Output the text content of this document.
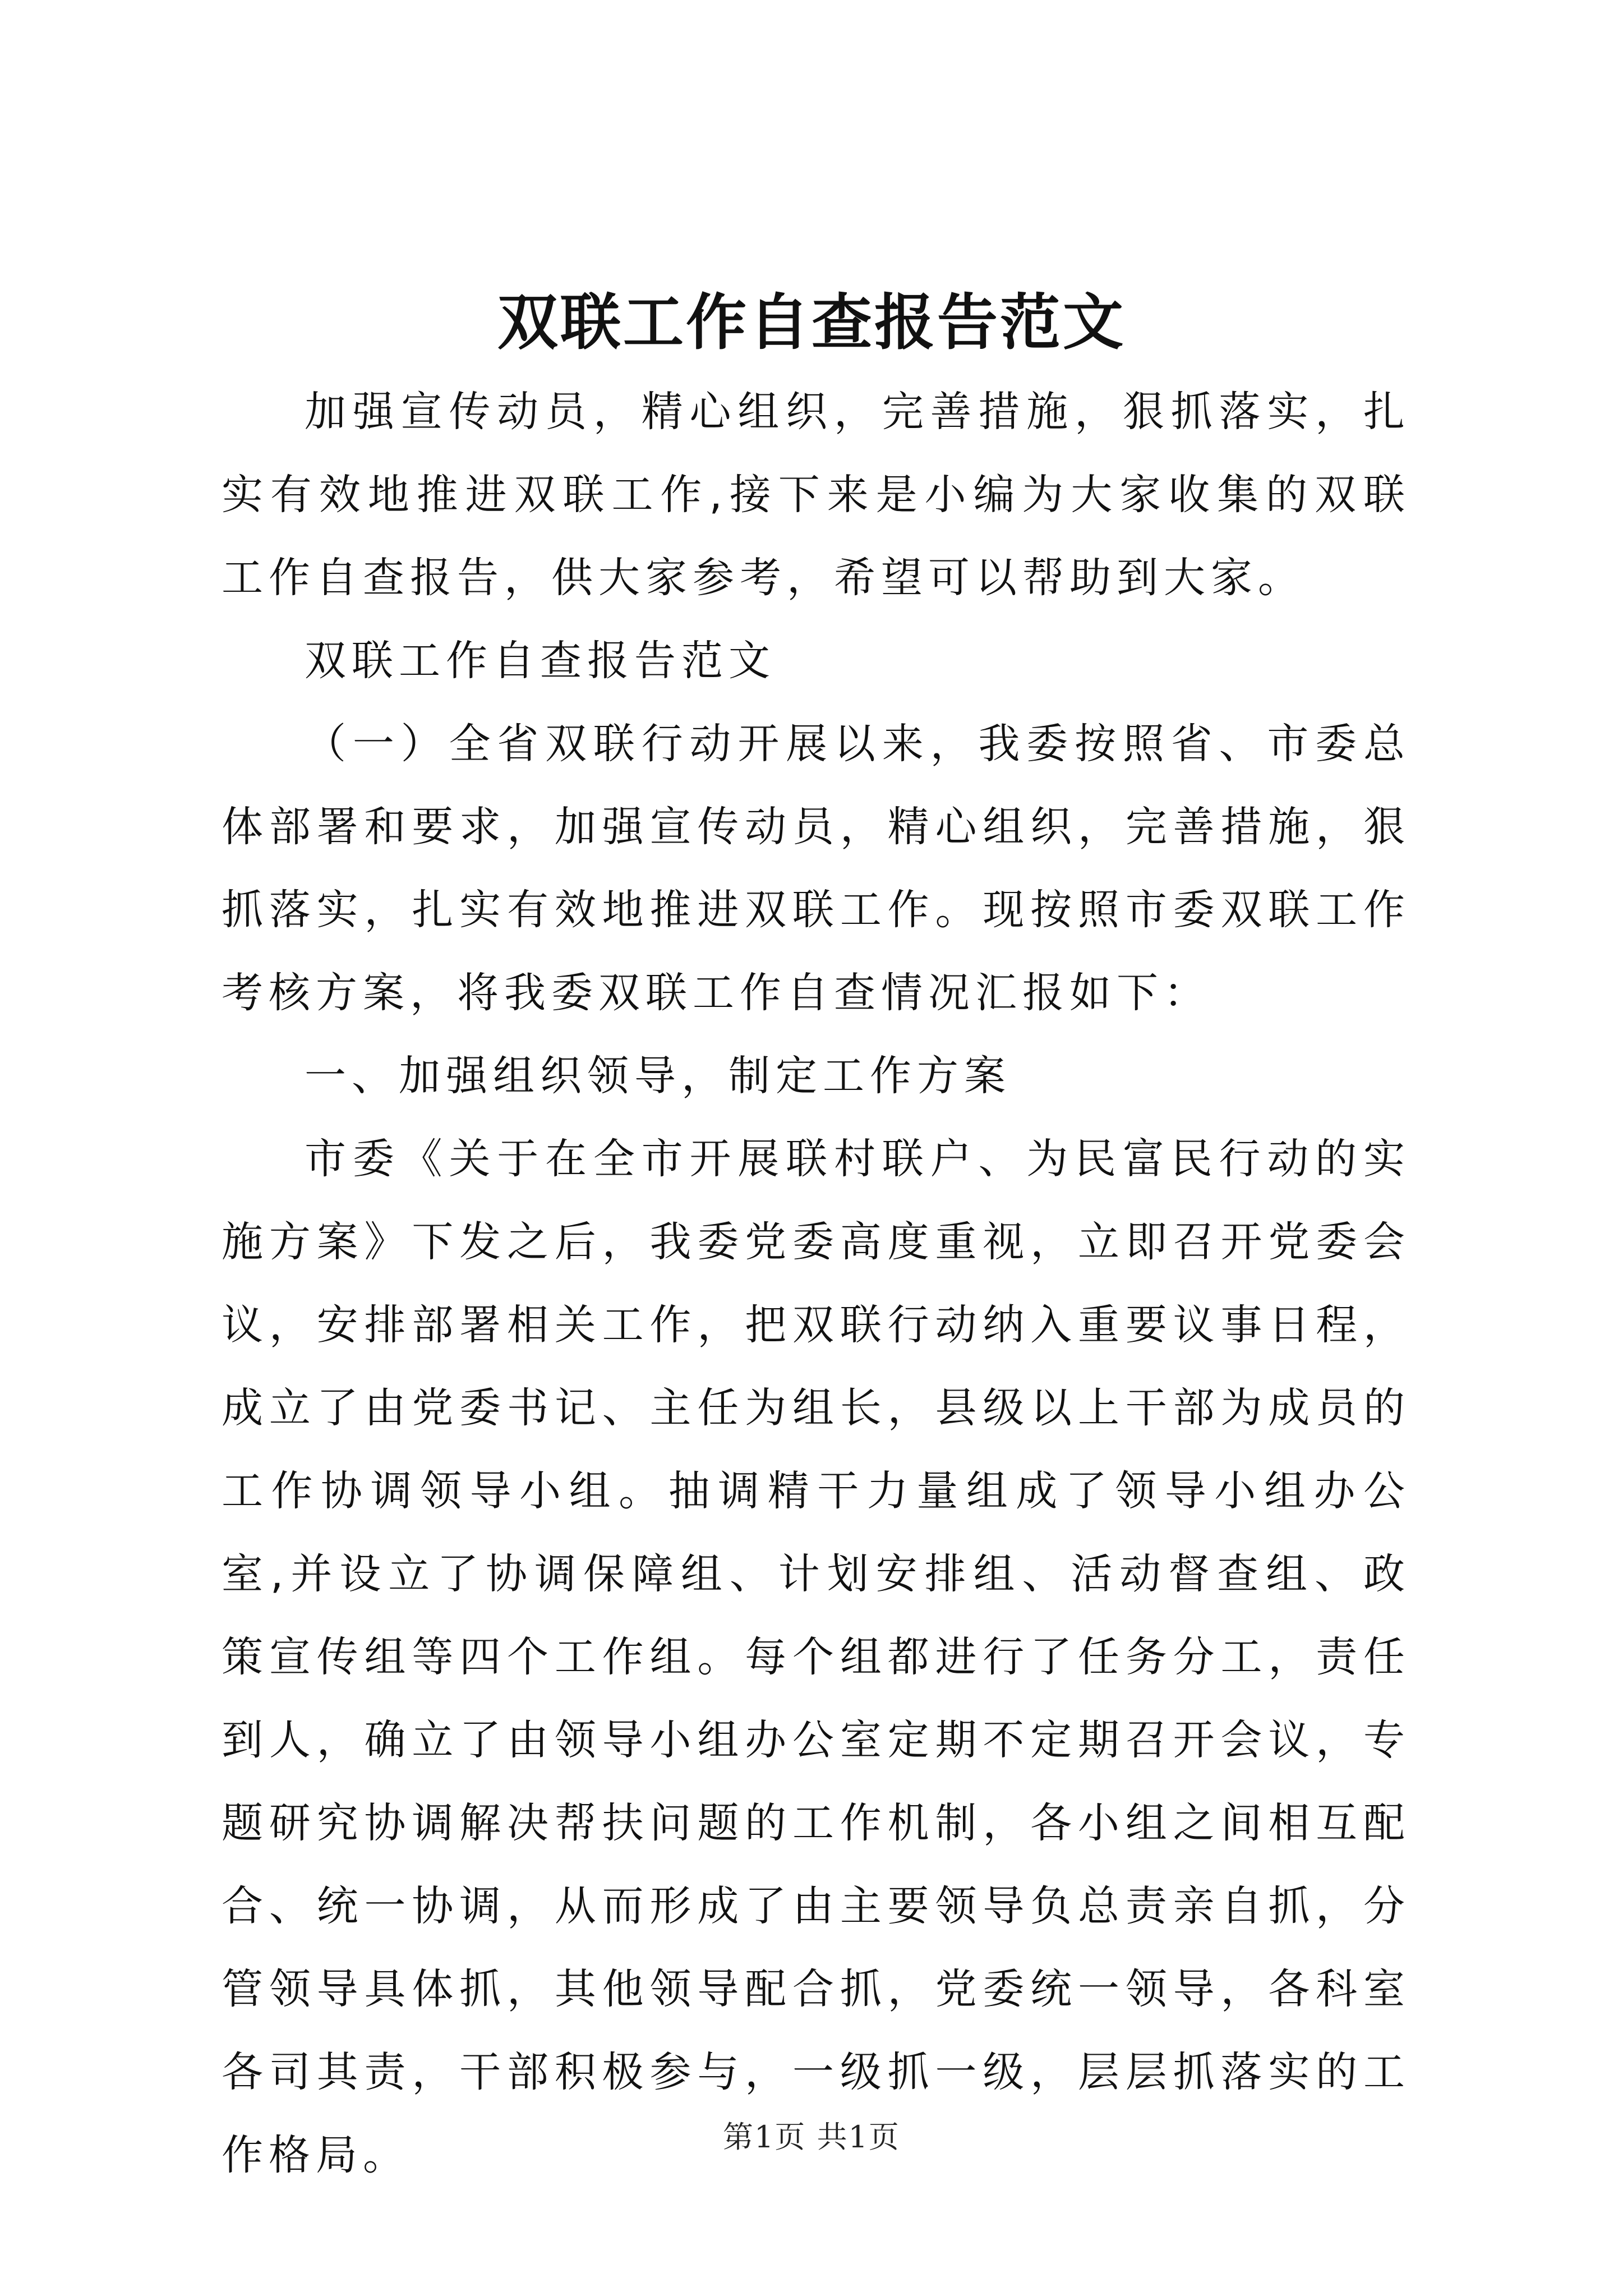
双联工作自查报告范文

加强宣传动员，精心组织，完善措施，狠抓落实，扎实有效地推进双联工作,接下来是小编为大家收集的双联工作自查报告，供大家参考，希望可以帮助到大家。

双联工作自查报告范文

（一）全省双联行动开展以来，我委按照省、市委总体部署和要求，加强宣传动员，精心组织，完善措施，狠抓落实，扎实有效地推进双联工作。现按照市委双联工作考核方案，将我委双联工作自查情况汇报如下：

一、加强组织领导，制定工作方案

市委《关于在全市开展联村联户、为民富民行动的实施方案》下发之后，我委党委高度重视，立即召开党委会议，安排部署相关工作，把双联行动纳入重要议事日程，成立了由党委书记、主任为组长，县级以上干部为成员的工作协调领导小组。抽调精干力量组成了领导小组办公室,并设立了协调保障组、计划安排组、活动督查组、政策宣传组等四个工作组。每个组都进行了任务分工，责任到人，确立了由领导小组办公室定期不定期召开会议，专题研究协调解决帮扶问题的工作机制，各小组之间相互配合、统一协调，从而形成了由主要领导负总责亲自抓，分管领导具体抓，其他领导配合抓，党委统一领导，各科室各司其责，干部积极参与，一级抓一级，层层抓落实的工作格局。	第1页 共1页
